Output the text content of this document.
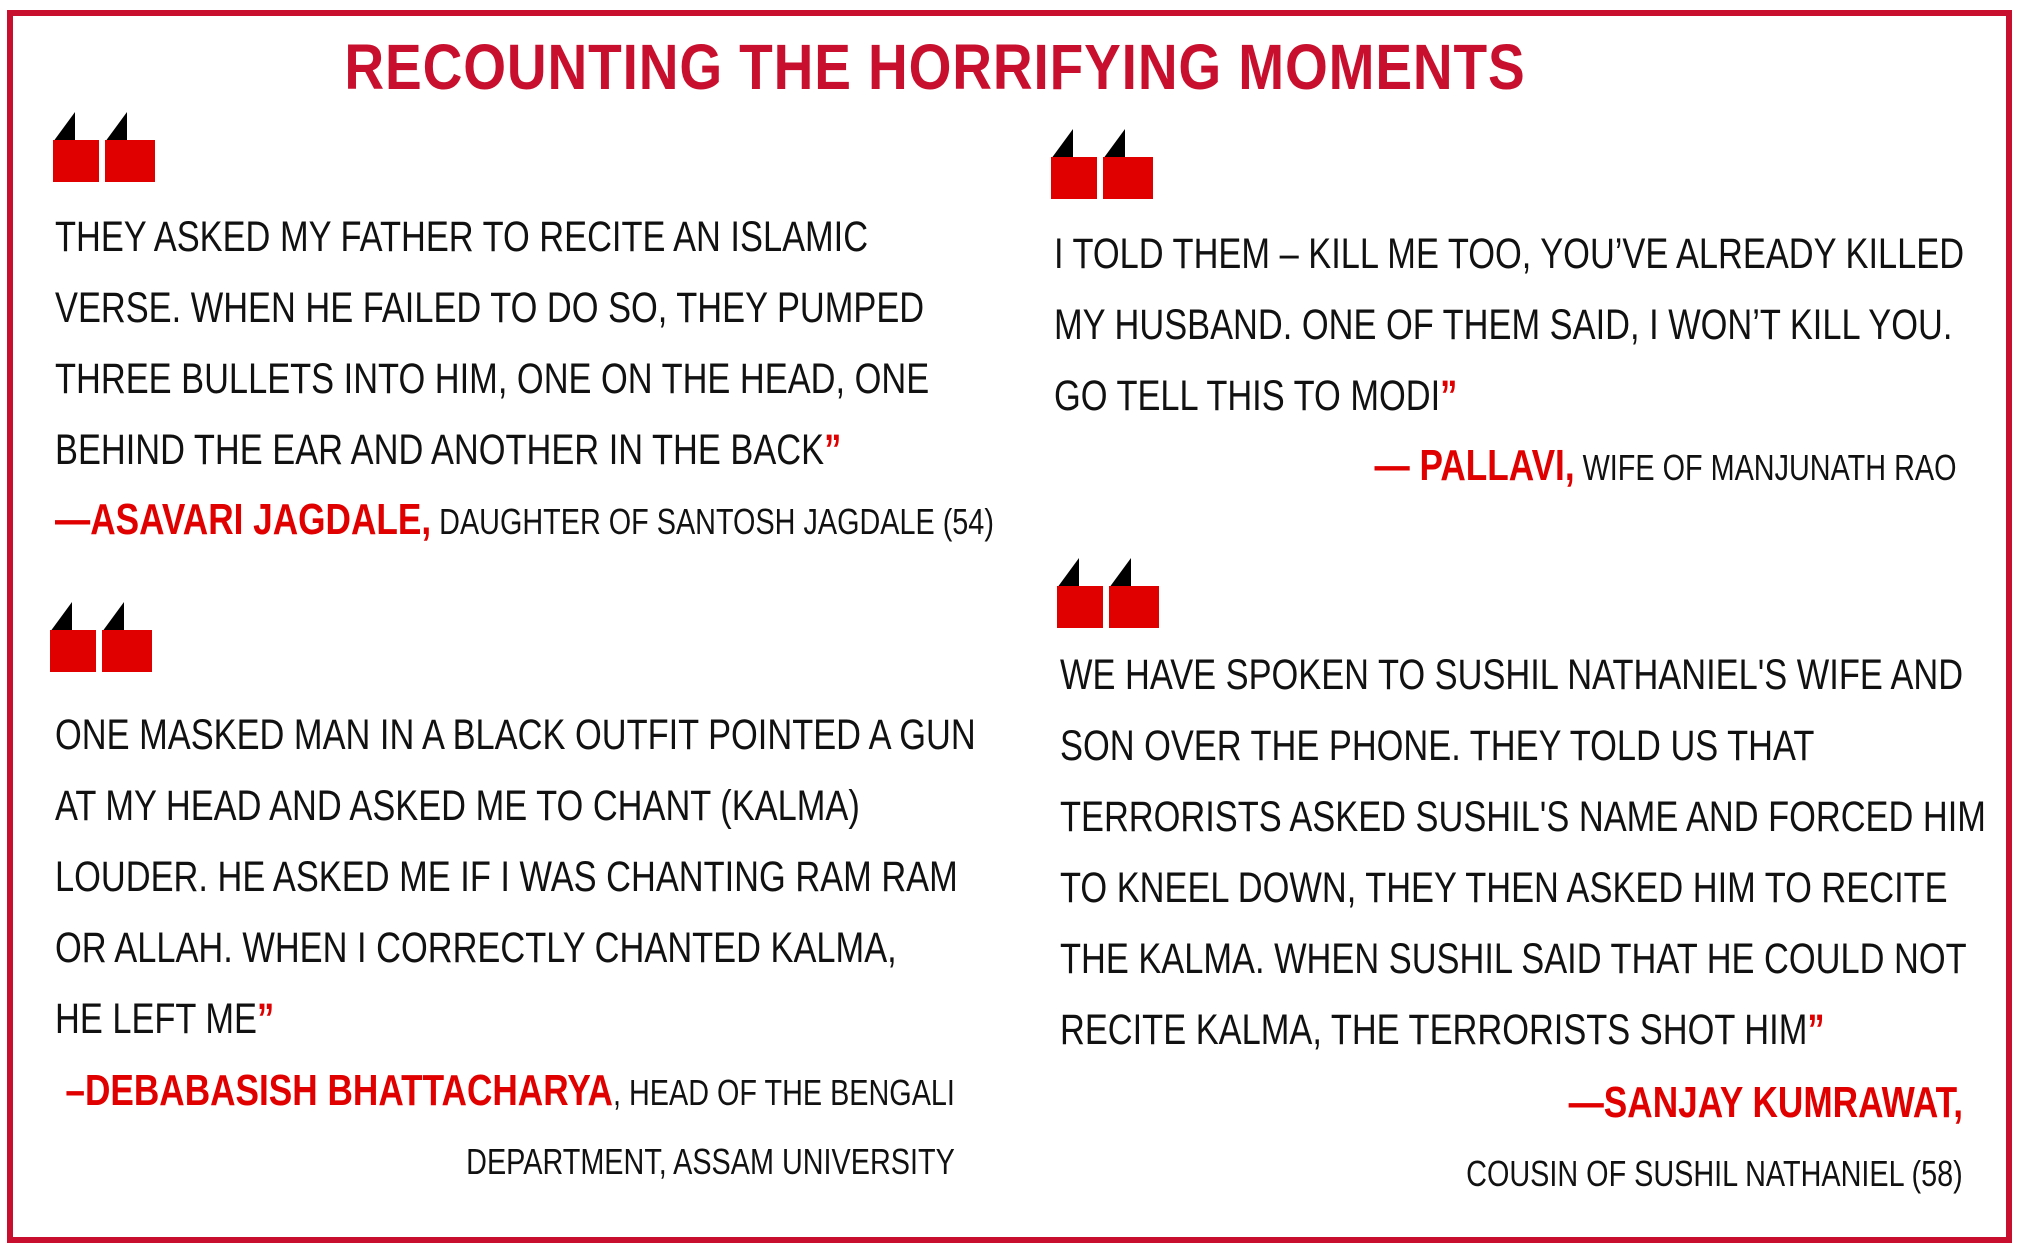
RECOUNTING THE HORRIFYING MOMENTS
THEY ASKED MY FATHER TO RECITE AN ISLAMIC
VERSE. WHEN HE FAILED TO DO SO, THEY PUMPED
THREE BULLETS INTO HIM, ONE ON THE HEAD, ONE
BEHIND THE EAR AND ANOTHER IN THE BACK”
—ASAVARI JAGDALE, DAUGHTER OF SANTOSH JAGDALE (54)
I TOLD THEM – KILL ME TOO, YOU’VE ALREADY KILLED
MY HUSBAND. ONE OF THEM SAID, I WON’T KILL YOU.
GO TELL THIS TO MODI”
— PALLAVI, WIFE OF MANJUNATH RAO
ONE MASKED MAN IN A BLACK OUTFIT POINTED A GUN
AT MY HEAD AND ASKED ME TO CHANT (KALMA)
LOUDER. HE ASKED ME IF I WAS CHANTING RAM RAM
OR ALLAH. WHEN I CORRECTLY CHANTED KALMA,
HE LEFT ME”
–DEBABASISH BHATTACHARYA, HEAD OF THE BENGALI
DEPARTMENT, ASSAM UNIVERSITY
WE HAVE SPOKEN TO SUSHIL NATHANIEL'S WIFE AND
SON OVER THE PHONE. THEY TOLD US THAT
TERRORISTS ASKED SUSHIL'S NAME AND FORCED HIM
TO KNEEL DOWN, THEY THEN ASKED HIM TO RECITE
THE KALMA. WHEN SUSHIL SAID THAT HE COULD NOT
RECITE KALMA, THE TERRORISTS SHOT HIM”
—SANJAY KUMRAWAT,
COUSIN OF SUSHIL NATHANIEL (58)
